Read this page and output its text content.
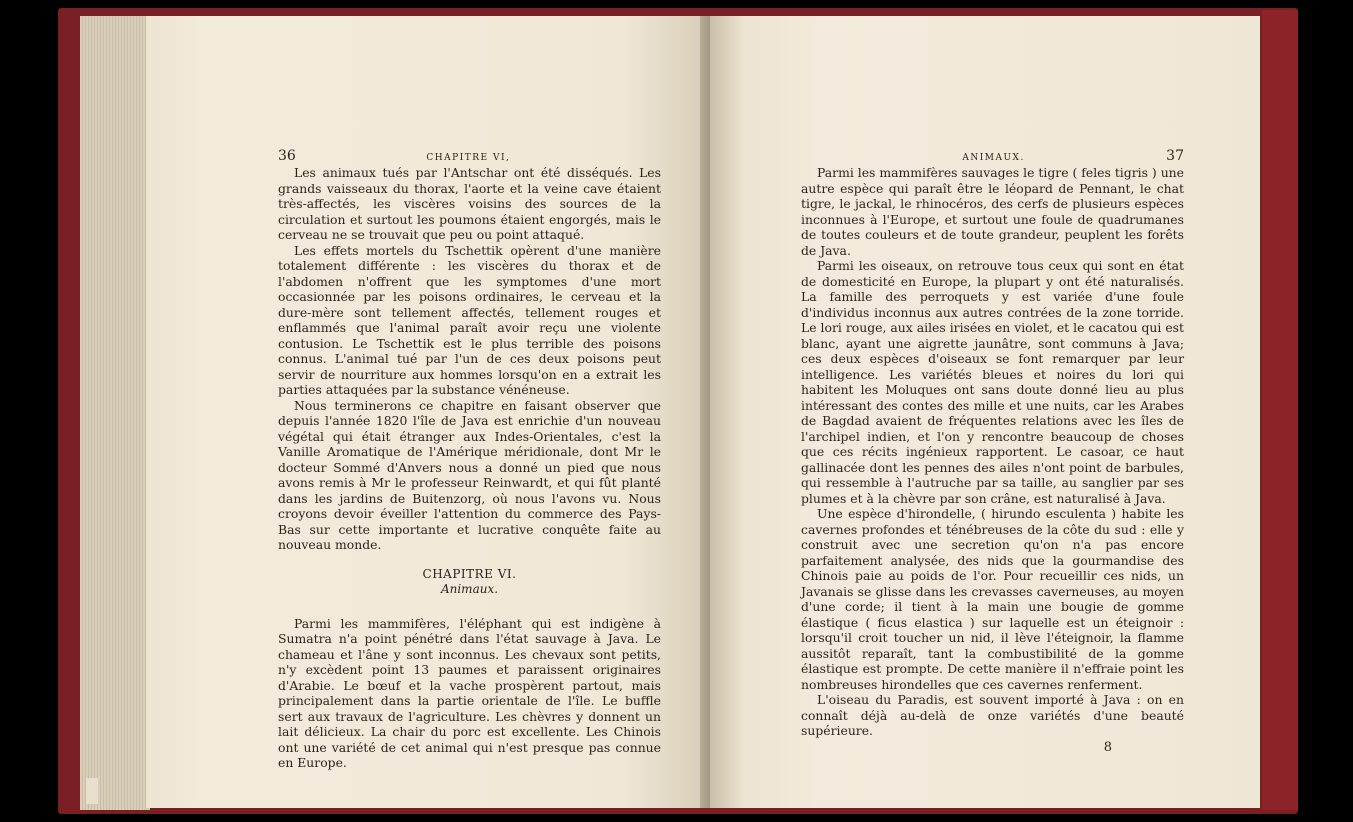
36	CHAPITRE VI,

Les animaux tués par l'Antschar ont été disséqués. Les grands vaisseaux du thorax, l'aorte et la veine cave étaient très-affectés, les viscères voisins des sources de la circulation et surtout les poumons étaient engorgés, mais le cerveau ne se trouvait que peu ou point attaqué.

Les effets mortels du Tschettik opèrent d'une manière totalement différente : les viscères du thorax et de l'abdomen n'offrent que les symptomes d'une mort occasionnée par les poisons ordinaires, le cerveau et la dure-mère sont tellement affectés, tellement rouges et enflammés que l'animal paraît avoir reçu une violente contusion. Le Tschettik est le plus terrible des poisons connus. L'animal tué par l'un de ces deux poisons peut servir de nourriture aux hommes lorsqu'on en a extrait les parties attaquées par la substance vénéneuse.

Nous terminerons ce chapitre en faisant observer que depuis l'année 1820 l'île de Java est enrichie d'un nouveau végétal qui était étranger aux Indes-Orientales, c'est la Vanille Aromatique de l'Amérique méridionale, dont Mr le docteur Sommé d'Anvers nous a donné un pied que nous avons remis à Mr le professeur Reinwardt, et qui fût planté dans les jardins de Buitenzorg, où nous l'avons vu. Nous croyons devoir éveiller l'attention du commerce des Pays-Bas sur cette importante et lucrative conquête faite au nouveau monde.

CHAPITRE VI.
Animaux.

Parmi les mammifères, l'éléphant qui est indigène à Sumatra n'a point pénétré dans l'état sauvage à Java. Le chameau et l'âne y sont inconnus. Les chevaux sont petits, n'y excèdent point 13 paumes et paraissent originaires d'Arabie. Le bœuf et la vache prospèrent partout, mais principalement dans la partie orientale de l'île. Le buffle sert aux travaux de l'agriculture. Les chèvres y donnent un lait délicieux. La chair du porc est excellente. Les Chinois ont une variété de cet animal qui n'est presque pas connue en Europe.

ANIMAUX.	37

Parmi les mammifères sauvages le tigre ( feles tigris ) une autre espèce qui paraît être le léopard de Pennant, le chat tigre, le jackal, le rhinocéros, des cerfs de plusieurs espèces inconnues à l'Europe, et surtout une foule de quadrumanes de toutes couleurs et de toute grandeur, peuplent les forêts de Java.

Parmi les oiseaux, on retrouve tous ceux qui sont en état de domesticité en Europe, la plupart y ont été naturalisés. La famille des perroquets y est variée d'une foule d'individus inconnus aux autres contrées de la zone torride. Le lori rouge, aux ailes irisées en violet, et le cacatou qui est blanc, ayant une aigrette jaunâtre, sont communs à Java; ces deux espèces d'oiseaux se font remarquer par leur intelligence. Les variétés bleues et noires du lori qui habitent les Moluques ont sans doute donné lieu au plus intéressant des contes des mille et une nuits, car les Arabes de Bagdad avaient de fréquentes relations avec les îles de l'archipel indien, et l'on y rencontre beaucoup de choses que ces récits ingénieux rapportent. Le casoar, ce haut gallinacée dont les pennes des ailes n'ont point de barbules, qui ressemble à l'autruche par sa taille, au sanglier par ses plumes et à la chèvre par son crâne, est naturalisé à Java.

Une espèce d'hirondelle, ( hirundo esculenta ) habite les cavernes profondes et ténébreuses de la côte du sud : elle y construit avec une secretion qu'on n'a pas encore parfaitement analysée, des nids que la gourmandise des Chinois paie au poids de l'or. Pour recueillir ces nids, un Javanais se glisse dans les crevasses caverneuses, au moyen d'une corde; il tient à la main une bougie de gomme élastique ( ficus elastica ) sur laquelle est un éteignoir : lorsqu'il croit toucher un nid, il lève l'éteignoir, la flamme aussitôt reparaît, tant la combustibilité de la gomme élastique est prompte. De cette manière il n'effraie point les nombreuses hirondelles que ces cavernes renferment.

L'oiseau du Paradis, est souvent importé à Java : on en connaît déjà au-delà de onze variétés d'une beauté supérieure.

8
